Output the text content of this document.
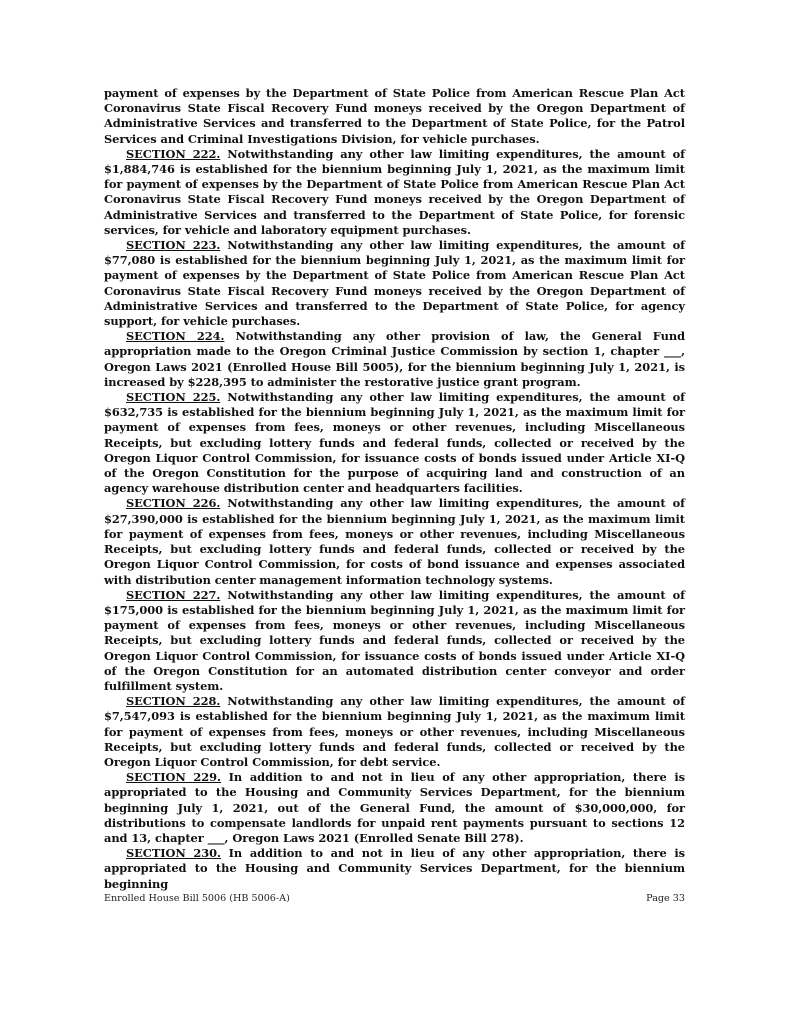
payment of expenses by the Department of State Police from American Rescue Plan Act Coronavirus State Fiscal Recovery Fund moneys received by the Oregon Department of Administrative Services and transferred to the Department of State Police, for the Patrol Services and Criminal Investigations Division, for vehicle purchases.

SECTION 222. Notwithstanding any other law limiting expenditures, the amount of $1,884,746 is established for the biennium beginning July 1, 2021, as the maximum limit for payment of expenses by the Department of State Police from American Rescue Plan Act Coronavirus State Fiscal Recovery Fund moneys received by the Oregon Department of Administrative Services and transferred to the Department of State Police, for forensic services, for vehicle and laboratory equipment purchases.

SECTION 223. Notwithstanding any other law limiting expenditures, the amount of $77,080 is established for the biennium beginning July 1, 2021, as the maximum limit for payment of expenses by the Department of State Police from American Rescue Plan Act Coronavirus State Fiscal Recovery Fund moneys received by the Oregon Department of Administrative Services and transferred to the Department of State Police, for agency support, for vehicle purchases.

SECTION 224. Notwithstanding any other provision of law, the General Fund appropriation made to the Oregon Criminal Justice Commission by section 1, chapter ___, Oregon Laws 2021 (Enrolled House Bill 5005), for the biennium beginning July 1, 2021, is increased by $228,395 to administer the restorative justice grant program.

SECTION 225. Notwithstanding any other law limiting expenditures, the amount of $632,735 is established for the biennium beginning July 1, 2021, as the maximum limit for payment of expenses from fees, moneys or other revenues, including Miscellaneous Receipts, but excluding lottery funds and federal funds, collected or received by the Oregon Liquor Control Commission, for issuance costs of bonds issued under Article XI-Q of the Oregon Constitution for the purpose of acquiring land and construction of an agency warehouse distribution center and headquarters facilities.

SECTION 226. Notwithstanding any other law limiting expenditures, the amount of $27,390,000 is established for the biennium beginning July 1, 2021, as the maximum limit for payment of expenses from fees, moneys or other revenues, including Miscellaneous Receipts, but excluding lottery funds and federal funds, collected or received by the Oregon Liquor Control Commission, for costs of bond issuance and expenses associated with distribution center management information technology systems.

SECTION 227. Notwithstanding any other law limiting expenditures, the amount of $175,000 is established for the biennium beginning July 1, 2021, as the maximum limit for payment of expenses from fees, moneys or other revenues, including Miscellaneous Receipts, but excluding lottery funds and federal funds, collected or received by the Oregon Liquor Control Commission, for issuance costs of bonds issued under Article XI-Q of the Oregon Constitution for an automated distribution center conveyor and order fulfillment system.

SECTION 228. Notwithstanding any other law limiting expenditures, the amount of $7,547,093 is established for the biennium beginning July 1, 2021, as the maximum limit for payment of expenses from fees, moneys or other revenues, including Miscellaneous Receipts, but excluding lottery funds and federal funds, collected or received by the Oregon Liquor Control Commission, for debt service.

SECTION 229. In addition to and not in lieu of any other appropriation, there is appropriated to the Housing and Community Services Department, for the biennium beginning July 1, 2021, out of the General Fund, the amount of $30,000,000, for distributions to compensate landlords for unpaid rent payments pursuant to sections 12 and 13, chapter ___, Oregon Laws 2021 (Enrolled Senate Bill 278).

SECTION 230. In addition to and not in lieu of any other appropriation, there is appropriated to the Housing and Community Services Department, for the biennium beginning

Enrolled House Bill 5006 (HB 5006-A)	Page 33
